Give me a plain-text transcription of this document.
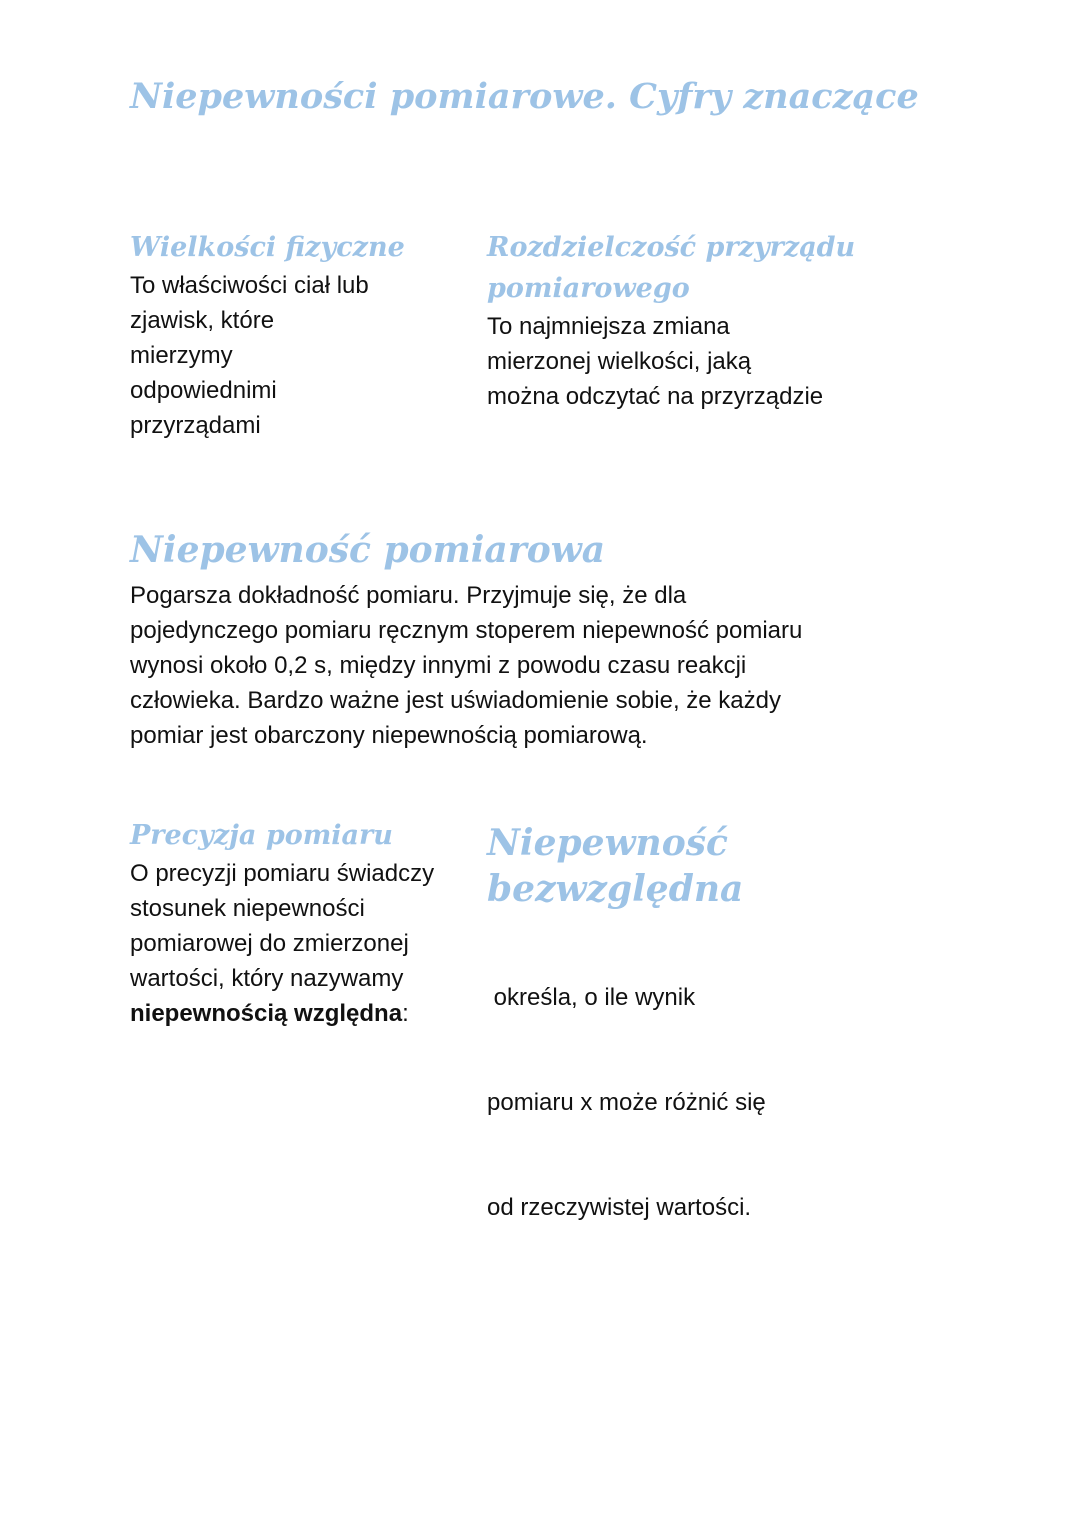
Niepewności pomiarowe. Cyfry znaczące
Wielkości fizyczne
To właściwości ciał lub
zjawisk, które
mierzymy
odpowiednimi
przyrządami
Rozdzielczość przyrządu
pomiarowego
To najmniejsza zmiana
mierzonej wielkości, jaką
można odczytać na przyrządzie
Niepewność pomiarowa
Pogarsza dokładność pomiaru. Przyjmuje się, że dla
pojedynczego pomiaru ręcznym stoperem niepewność pomiaru
wynosi około 0,2 s, między innymi z powodu czasu reakcji
człowieka. Bardzo ważne jest uświadomienie sobie, że każdy
pomiar jest obarczony niepewnością pomiarową.
Precyzja pomiaru
O precyzji pomiaru świadczy
stosunek niepewności
pomiarowej do zmierzonej
wartości, który nazywamy
niepewnością względna:
Niepewność
bezwzględna

określa, o ile wynik

pomiaru x może różnić się

od rzeczywistej wartości.
